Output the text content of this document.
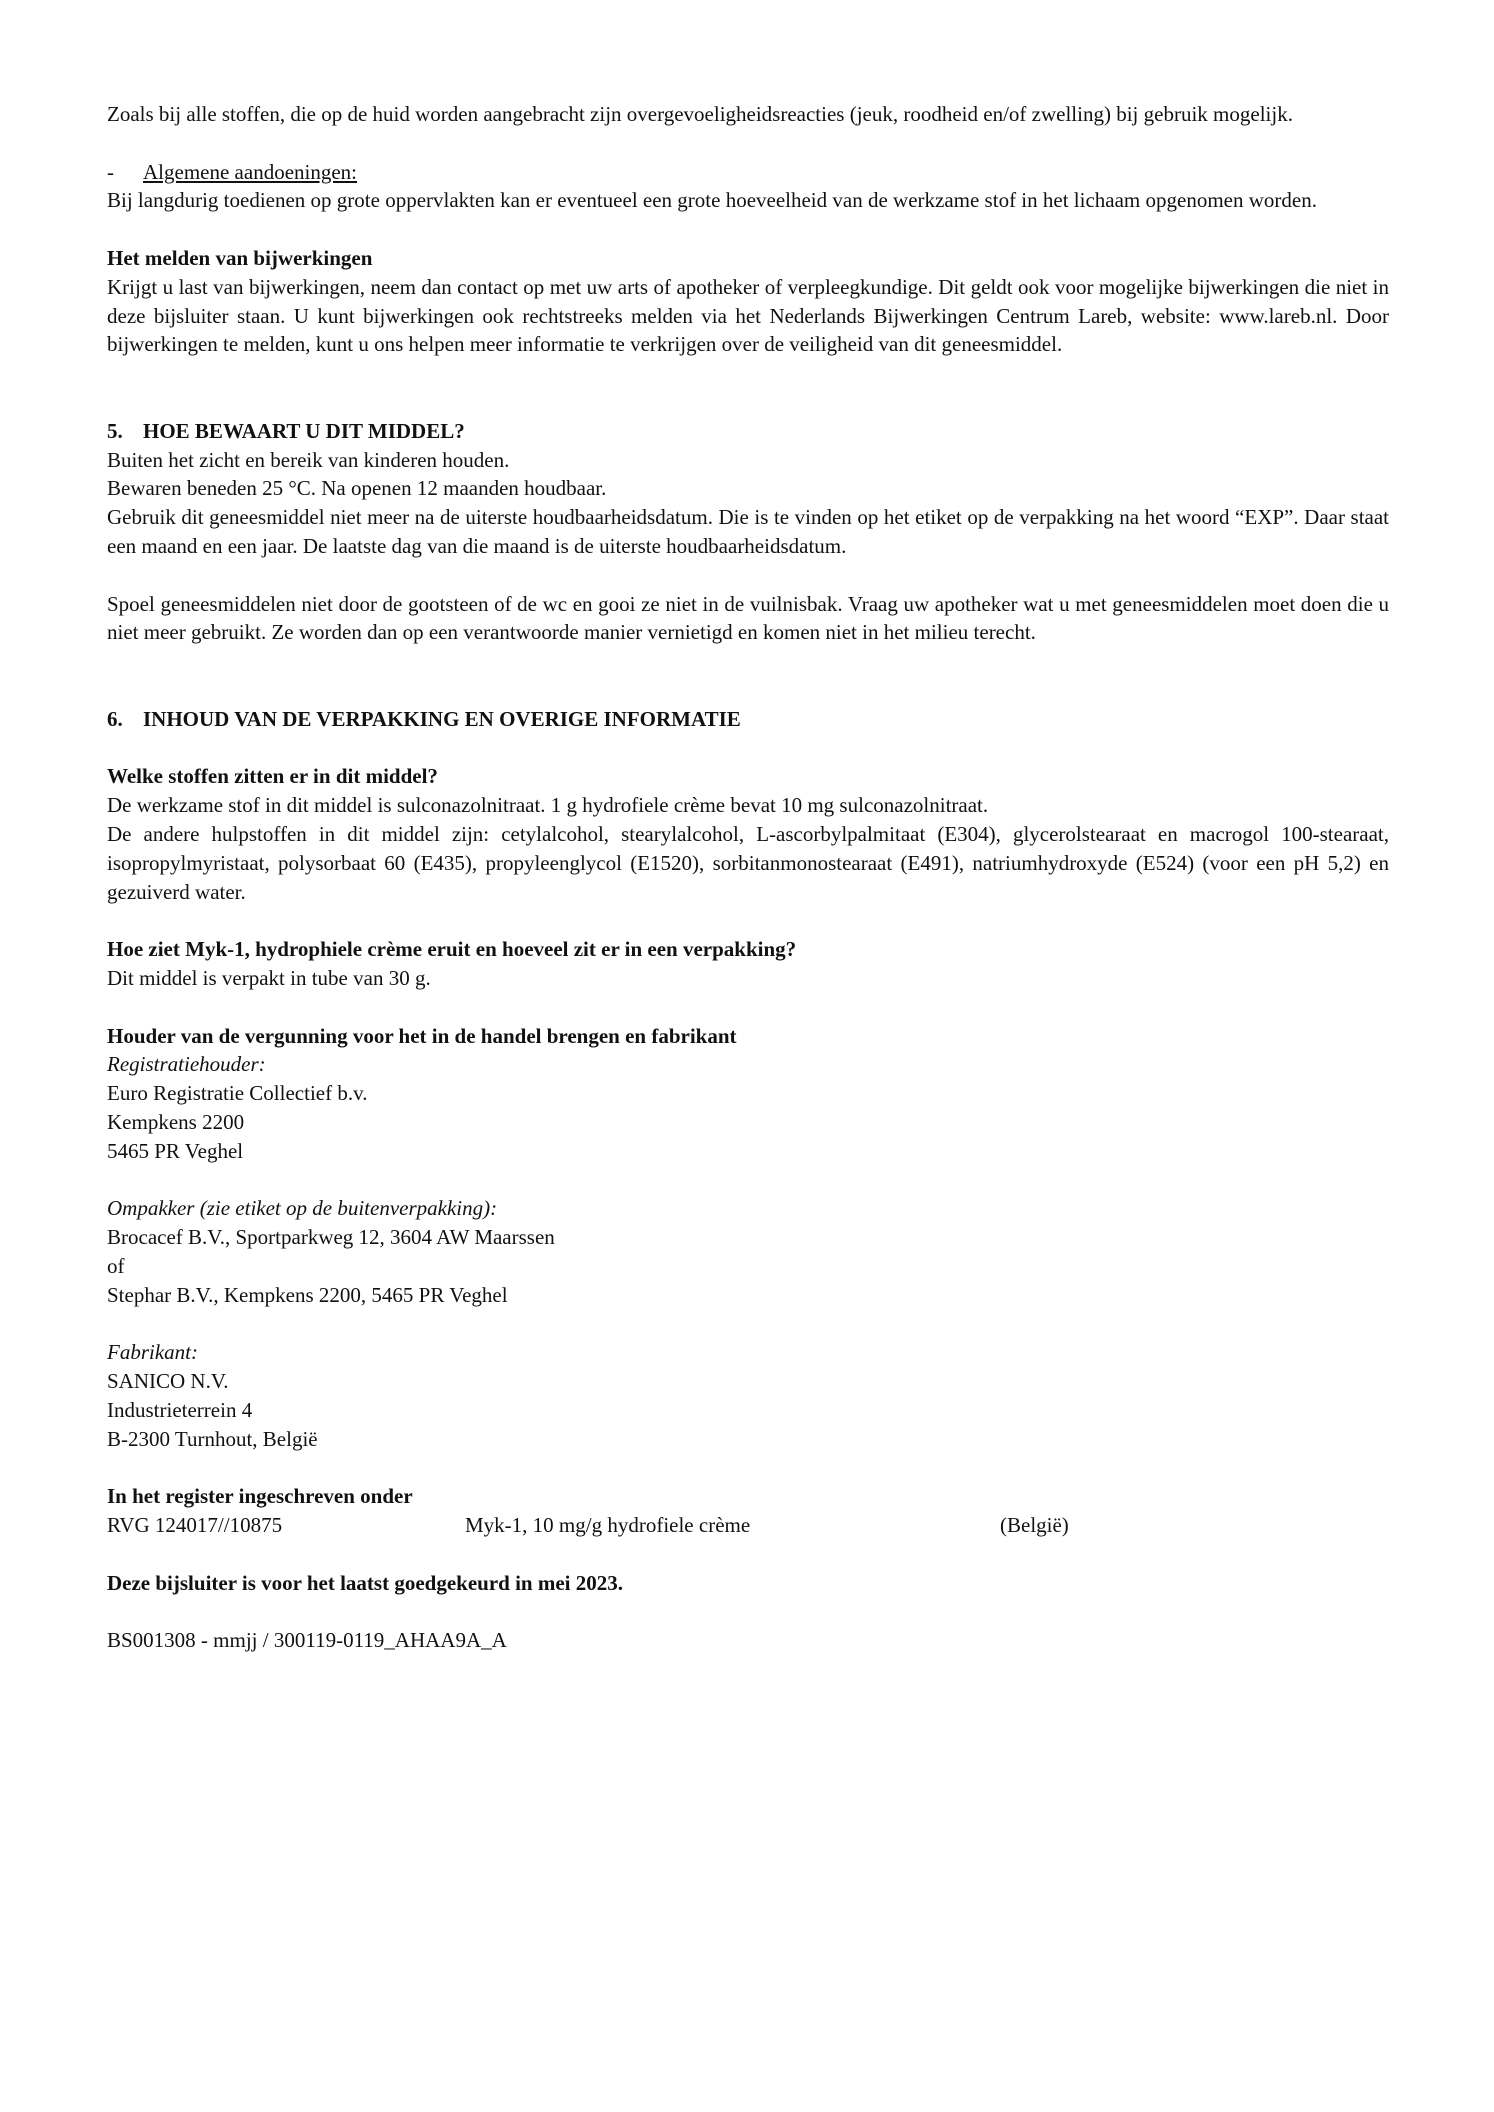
Zoals bij alle stoffen, die op de huid worden aangebracht zijn overgevoeligheidsreacties (jeuk, roodheid en/of zwelling) bij gebruik mogelijk.

- Algemene aandoeningen:

Bij langdurig toedienen op grote oppervlakten kan er eventueel een grote hoeveelheid van de werkzame stof in het lichaam opgenomen worden.

Het melden van bijwerkingen

Krijgt u last van bijwerkingen, neem dan contact op met uw arts of apotheker of verpleegkundige. Dit geldt ook voor mogelijke bijwerkingen die niet in deze bijsluiter staan. U kunt bijwerkingen ook rechtstreeks melden via het Nederlands Bijwerkingen Centrum Lareb, website: www.lareb.nl. Door bijwerkingen te melden, kunt u ons helpen meer informatie te verkrijgen over de veiligheid van dit geneesmiddel.

5. HOE BEWAART U DIT MIDDEL?
Buiten het zicht en bereik van kinderen houden.
Bewaren beneden 25 °C. Na openen 12 maanden houdbaar.

Gebruik dit geneesmiddel niet meer na de uiterste houdbaarheidsdatum. Die is te vinden op het etiket op de verpakking na het woord “EXP”. Daar staat een maand en een jaar. De laatste dag van die maand is de uiterste houdbaarheidsdatum.

Spoel geneesmiddelen niet door de gootsteen of de wc en gooi ze niet in de vuilnisbak. Vraag uw apotheker wat u met geneesmiddelen moet doen die u niet meer gebruikt. Ze worden dan op een verantwoorde manier vernietigd en komen niet in het milieu terecht.

6. INHOUD VAN DE VERPAKKING EN OVERIGE INFORMATIE
Welke stoffen zitten er in dit middel?
De werkzame stof in dit middel is sulconazolnitraat. 1 g hydrofiele crème bevat 10 mg sulconazolnitraat.

De andere hulpstoffen in dit middel zijn: cetylalcohol, stearylalcohol, L-ascorbylpalmitaat (E304), glycerolstearaat en macrogol 100-stearaat, isopropylmyristaat, polysorbaat 60 (E435), propyleenglycol (E1520), sorbitanmonostearaat (E491), natriumhydroxyde (E524) (voor een pH 5,2) en gezuiverd water.

Hoe ziet Myk-1, hydrophiele crème eruit en hoeveel zit er in een verpakking?
Dit middel is verpakt in tube van 30 g.
Houder van de vergunning voor het in de handel brengen en fabrikant
Registratiehouder:
Euro Registratie Collectief b.v.
Kempkens 2200
5465 PR Veghel
Ompakker (zie etiket op de buitenverpakking):
Brocacef B.V., Sportparkweg 12, 3604 AW Maarssen
of
Stephar B.V., Kempkens 2200, 5465 PR Veghel
Fabrikant:
SANICO N.V.
Industrieterrein 4
B-2300 Turnhout, België
In het register ingeschreven onder
RVG 124017//10875	Myk-1, 10 mg/g hydrofiele crème	(België)
Deze bijsluiter is voor het laatst goedgekeurd in mei 2023.
BS001308 - mmjj / 300119-0119_AHAA9A_A
